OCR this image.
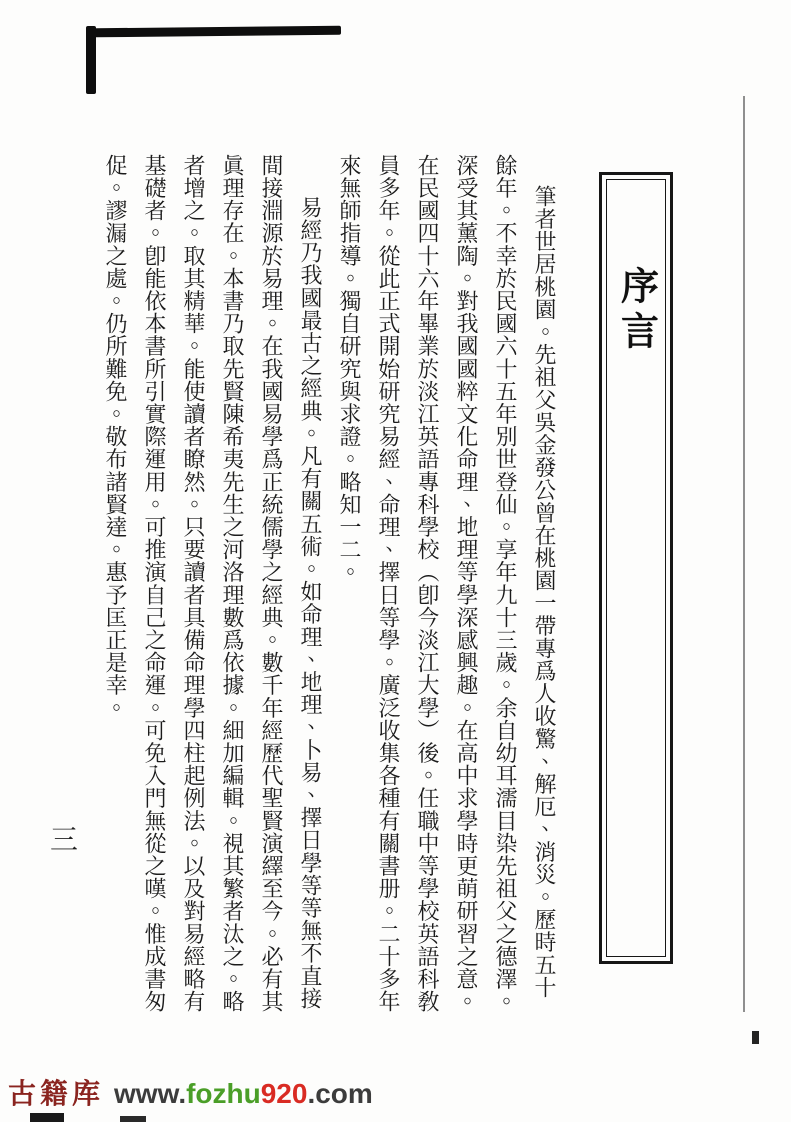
序言

筆者世居桃園。先祖父吳金發公曾在桃園一帶專爲人收驚、解厄、消災。歷時五十

餘年。不幸於民國六十五年別世登仙。享年九十三歲。余自幼耳濡目染先祖父之德澤。

深受其薰陶。對我國國粹文化命理、地理等學深感興趣。在高中求學時更萌研習之意。

在民國四十六年畢業於淡江英語專科學校（卽今淡江大學）後。任職中等學校英語科敎

員多年。從此正式開始研究易經、命理、擇日等學。廣泛收集各種有關書册。二十多年

來無師指導。獨自研究與求證。略知一二。

易經乃我國最古之經典。凡有關五術。如命理、地理、卜易、擇日學等等無不直接

間接淵源於易理。在我國易學爲正統儒學之經典。數千年經歷代聖賢演繹至今。必有其

眞理存在。本書乃取先賢陳希夷先生之河洛理數爲依據。細加編輯。視其繁者汰之。略

者增之。取其精華。能使讀者瞭然。只要讀者具備命理學四柱起例法。以及對易經略有

基礎者。卽能依本書所引實際運用。可推演自己之命運。可免入門無從之嘆。惟成書匆

促。謬漏之處。仍所難免。敬布諸賢達。惠予匡正是幸。

三
古籍库 www. fozhu 920 .com
